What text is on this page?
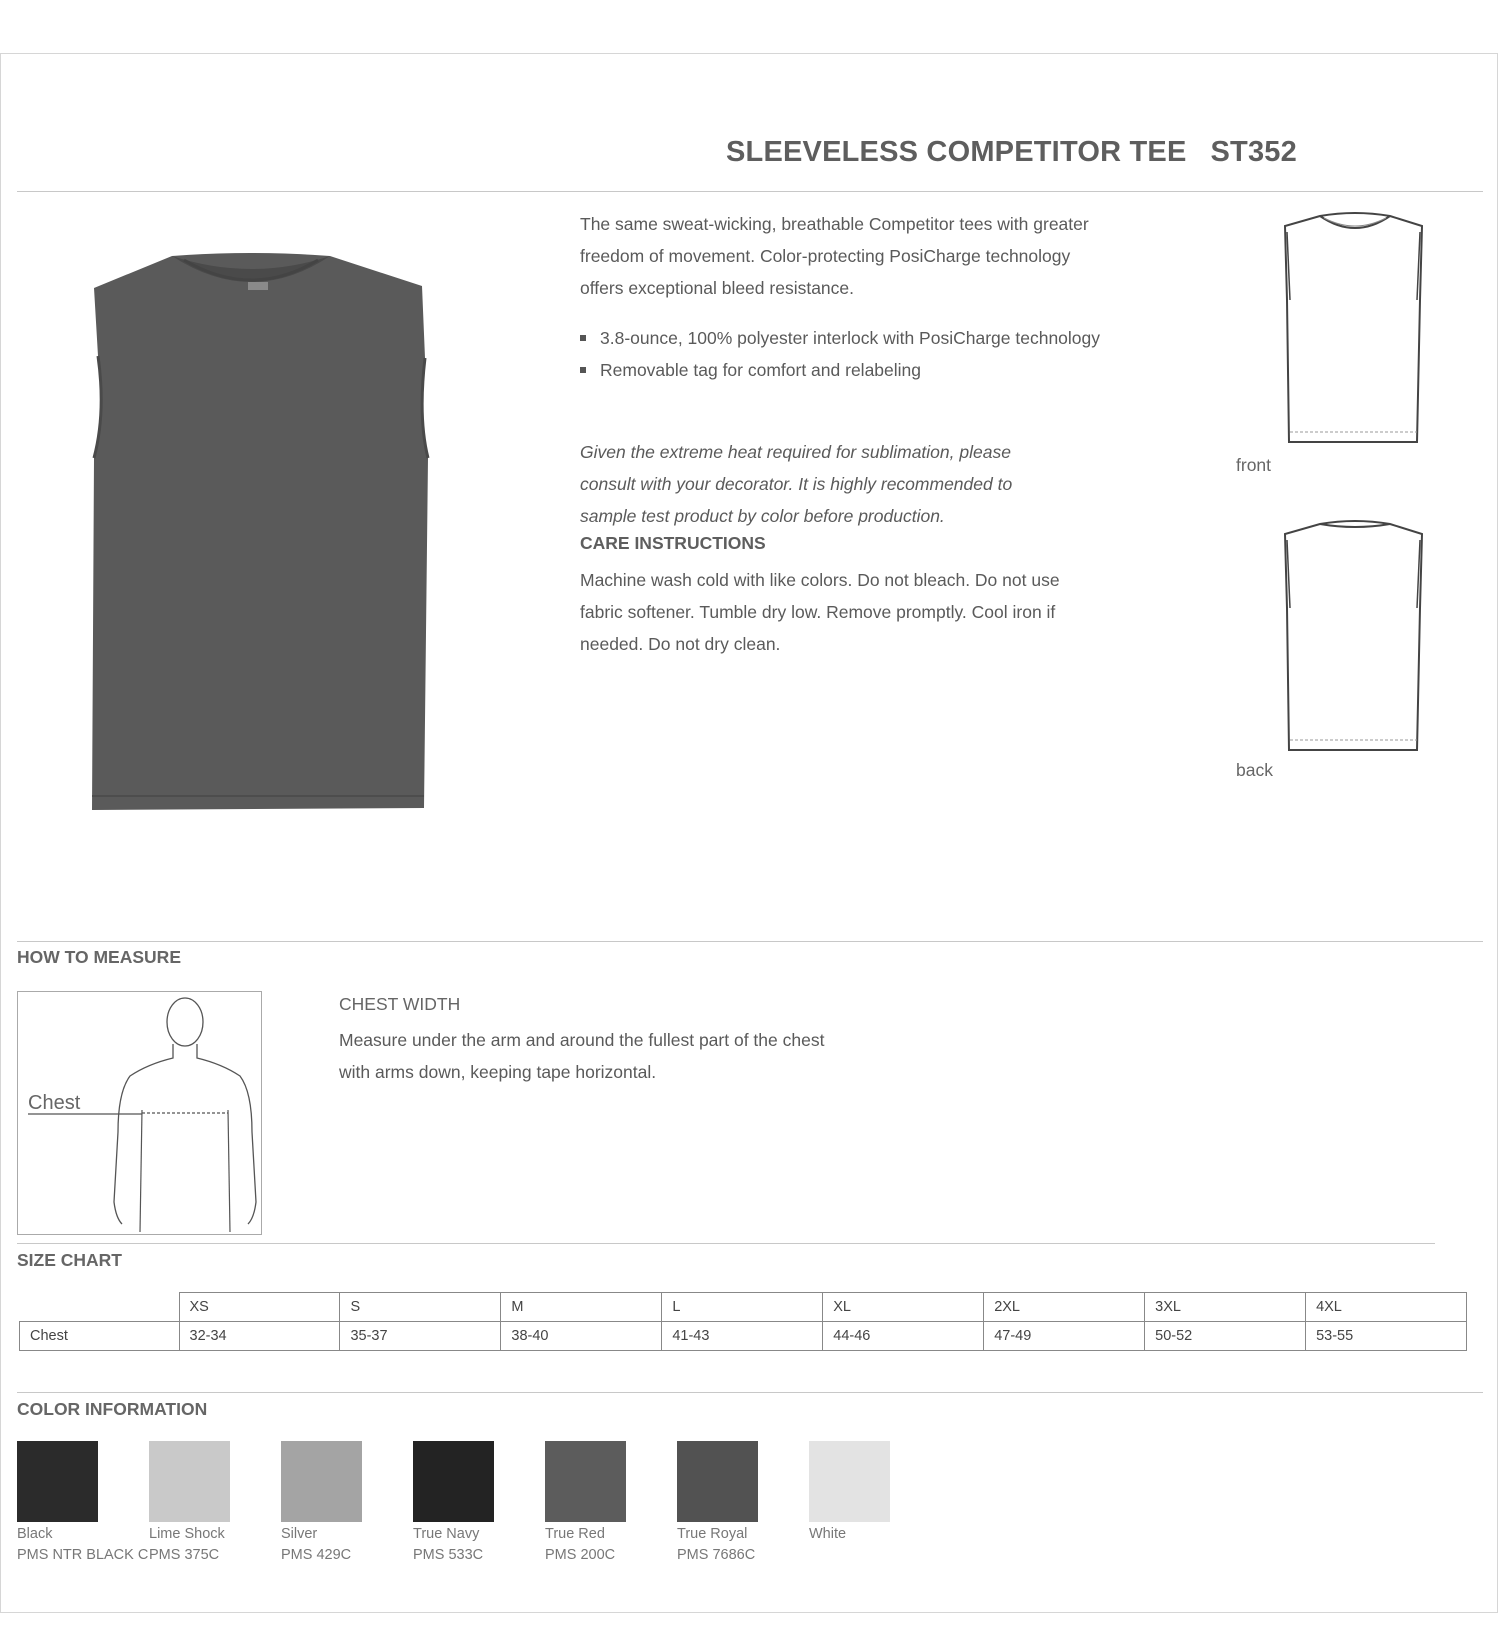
SLEEVELESS COMPETITOR TEE ST352
The same sweat-wicking, breathable Competitor tees with greater freedom of movement. Color-protecting PosiCharge technology offers exceptional bleed resistance.
3.8-ounce, 100% polyester interlock with PosiCharge technology
Removable tag for comfort and relabeling
Given the extreme heat required for sublimation, please consult with your decorator. It is highly recommended to sample test product by color before production.
CARE INSTRUCTIONS
Machine wash cold with like colors. Do not bleach. Do not use fabric softener. Tumble dry low. Remove promptly. Cool iron if needed. Do not dry clean.
front
back
HOW TO MEASURE
Chest
CHEST WIDTH
Measure under the arm and around the fullest part of the chest with arms down, keeping tape horizontal.
SIZE CHART
	XS	S	M	L	XL	2XL	3XL	4XL
Chest	32-34	35-37	38-40	41-43	44-46	47-49	50-52	53-55
COLOR INFORMATION
Black
PMS NTR BLACK C
Lime Shock
PMS 375C
Silver
PMS 429C
True Navy
PMS 533C
True Red
PMS 200C
True Royal
PMS 7686C
White
